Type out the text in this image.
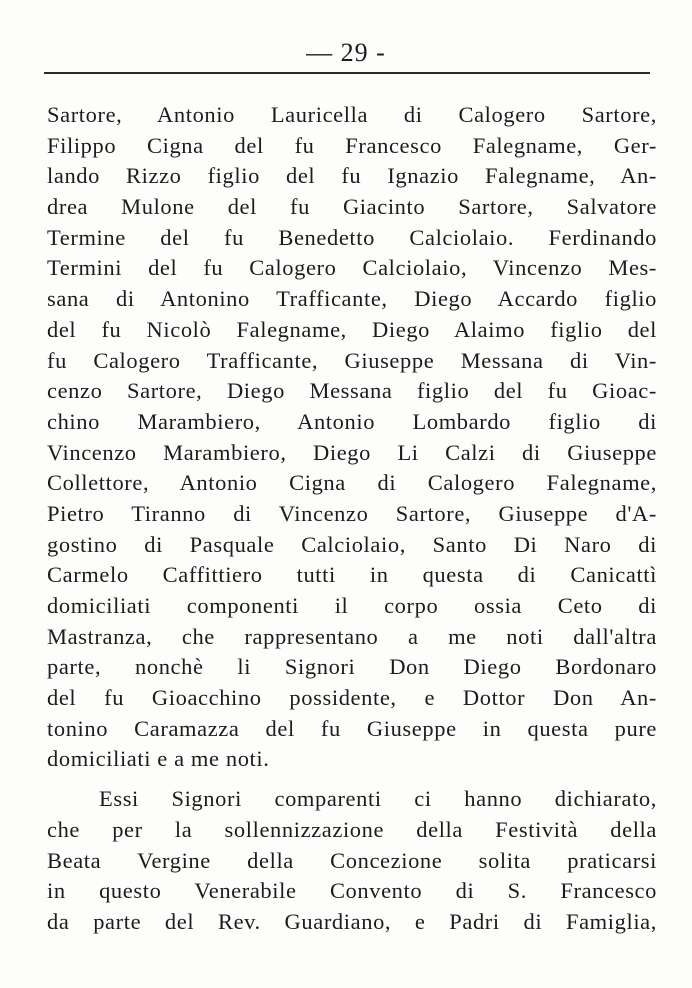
— 29 -
Sartore, Antonio Lauricella di Calogero Sartore,
Filippo Cigna del fu Francesco Falegname, Ger-
lando Rizzo figlio del fu Ignazio Falegname, An-
drea Mulone del fu Giacinto Sartore, Salvatore
Termine del fu Benedetto Calciolaio. Ferdinando
Termini del fu Calogero Calciolaio, Vincenzo Mes-
sana di Antonino Trafficante, Diego Accardo figlio
del fu Nicolò Falegname, Diego Alaimo figlio del
fu Calogero Trafficante, Giuseppe Messana di Vin-
cenzo Sartore, Diego Messana figlio del fu Gioac-
chino Marambiero, Antonio Lombardo figlio di
Vincenzo Marambiero, Diego Li Calzi di Giuseppe
Collettore, Antonio Cigna di Calogero Falegname,
Pietro Tiranno di Vincenzo Sartore, Giuseppe d'A-
gostino di Pasquale Calciolaio, Santo Di Naro di
Carmelo Caffittiero tutti in questa di Canicattì
domiciliati componenti il corpo ossia Ceto di
Mastranza, che rappresentano a me noti dall'altra
parte, nonchè li Signori Don Diego Bordonaro
del fu Gioacchino possidente, e Dottor Don An-
tonino Caramazza del fu Giuseppe in questa pure
domiciliati e a me noti.
Essi Signori comparenti ci hanno dichiarato,
che per la sollennizzazione della Festività della
Beata Vergine della Concezione solita praticarsi
in questo Venerabile Convento di S. Francesco
da parte del Rev. Guardiano, e Padri di Famiglia,
